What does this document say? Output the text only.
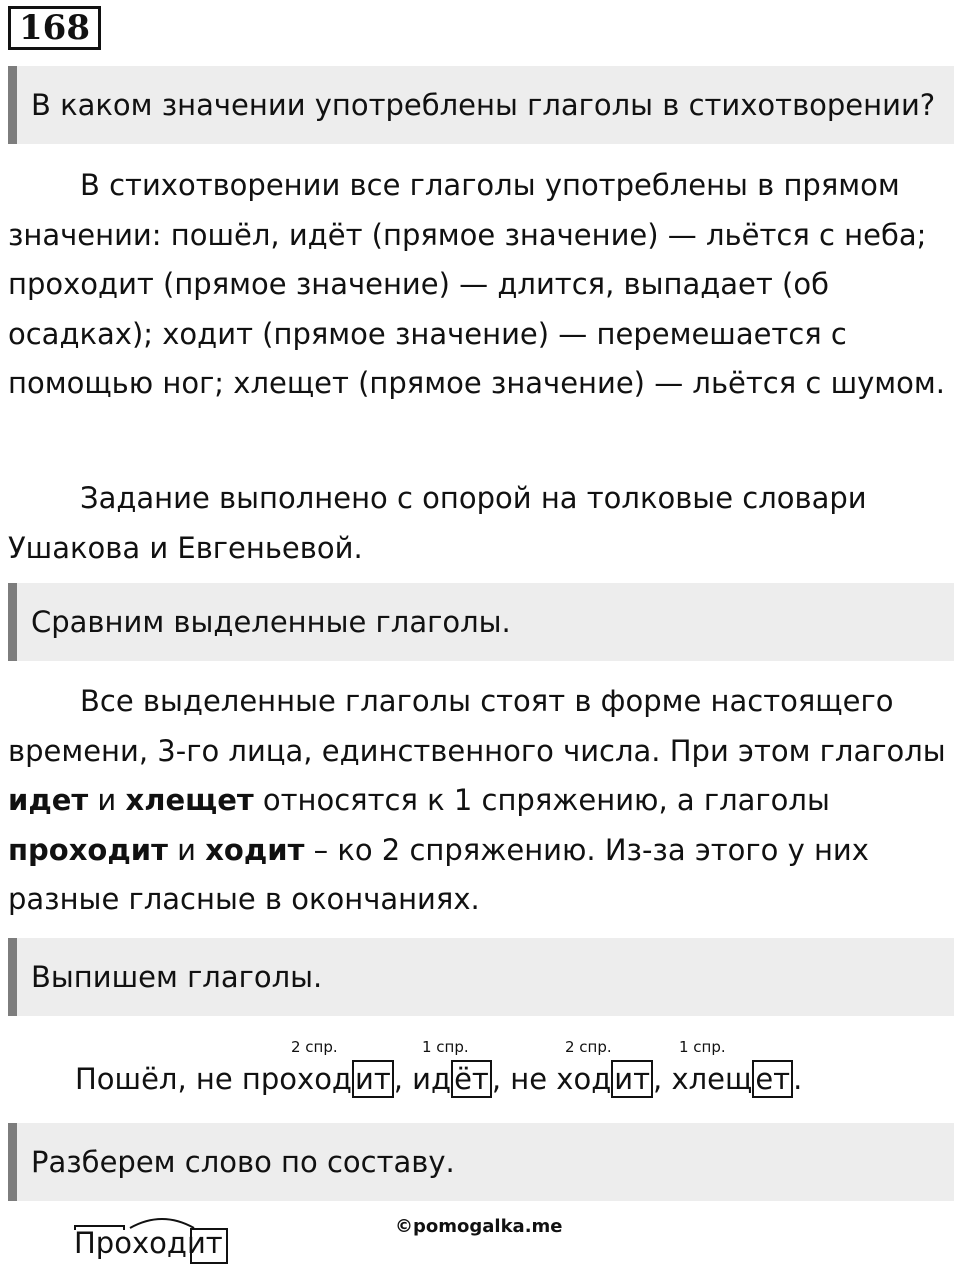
168
В каком значении употреблены глаголы в стихотворении?

В стихотворении все глаголы употреблены в прямом значении: пошёл, идёт (прямое значение) — льётся с неба; проходит (прямое значение) — длится, выпадает (об осадках); ходит (прямое значение) — перемешается с помощью ног; хлещет (прямое значение) — льётся с шумом.

Задание выполнено с опорой на толковые словари Ушакова и Евгеньевой.

Сравним выделенные глаголы.

Все выделенные глаголы стоят в форме настоящего времени, 3-го лица, единственного числа. При этом глаголы идет и хлещет относятся к 1 спряжению, а глаголы проходит и ходит – ко 2 спряжению. Из-за этого у них разные гласные в окончаниях.

Выпишем глаголы.
2 спр.	1 спр.	2 спр.	1 спр.
Пошёл, не проход ит , ид ёт , не ход ит , хлещ ет .
Разберем слово по составу.
Проходит	©pomogalka.me
